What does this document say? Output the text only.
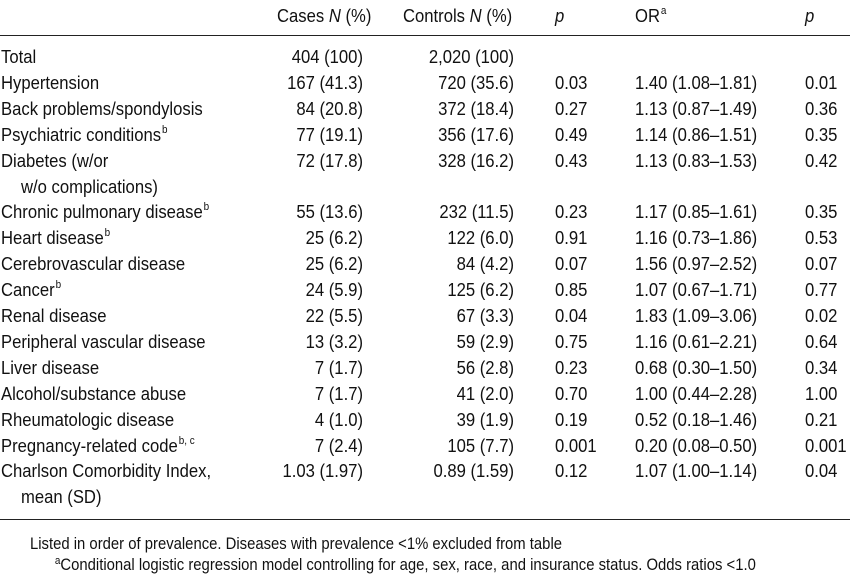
Cases N (%) Controls N (%) p	$OR^a$	p
Total	404 (100)	2,020 (100)
Hypertension	167 (41.3)	720 (35.6) 0.03	1.40 (1.08–1.81)	0.01
Back problems/spondylosis	84 (20.8)	372 (18.4) 0.27	1.13 (0.87–1.49)	0.36
Psychiatric conditions$^b$	77 (19.1)	356 (17.6) 0.49	1.14 (0.86–1.51)	0.35
Diabetes (w/or
w/o complications)
72 (17.8)	328 (16.2) 0.43	1.13 (0.83–1.53)	0.42
Chronic pulmonary disease$^b$	55 (13.6)	232 (11.5) 0.23	1.17 (0.85–1.61)	0.35
Heart disease$^b$	25 (6.2)	122 (6.0) 0.91	1.16 (0.73–1.86)	0.53
Cerebrovascular disease	25 (6.2)	84 (4.2) 0.07	1.56 (0.97–2.52)	0.07
Cancer$^b$	24 (5.9)	125 (6.2) 0.85	1.07 (0.67–1.71)	0.77
Renal disease	22 (5.5)	67 (3.3) 0.04	1.83 (1.09–3.06)	0.02
Peripheral vascular disease	13 (3.2)	59 (2.9) 0.75	1.16 (0.61–2.21)	0.64
Liver disease	7 (1.7)	56 (2.8) 0.23	0.68 (0.30–1.50)	0.34
Alcohol/substance abuse	7 (1.7)	41 (2.0) 0.70	1.00 (0.44–2.28)	1.00
Rheumatologic disease	4 (1.0)	39 (1.9) 0.19	0.52 (0.18–1.46)	0.21
Pregnancy-related code$^{b, c}$	7 (2.4)	105 (7.7) 0.001 0.20 (0.08–0.50)	0.001
Charlson Comorbidity Index,
mean (SD)
1.03 (1.97)	0.89 (1.59) 0.12	1.07 (1.00–1.14)	0.04
Listed in order of prevalence. Diseases with prevalence <1% excluded from table
$^a$Conditional logistic regression model controlling for age, sex, race, and insurance status. Odds ratios <1.0
